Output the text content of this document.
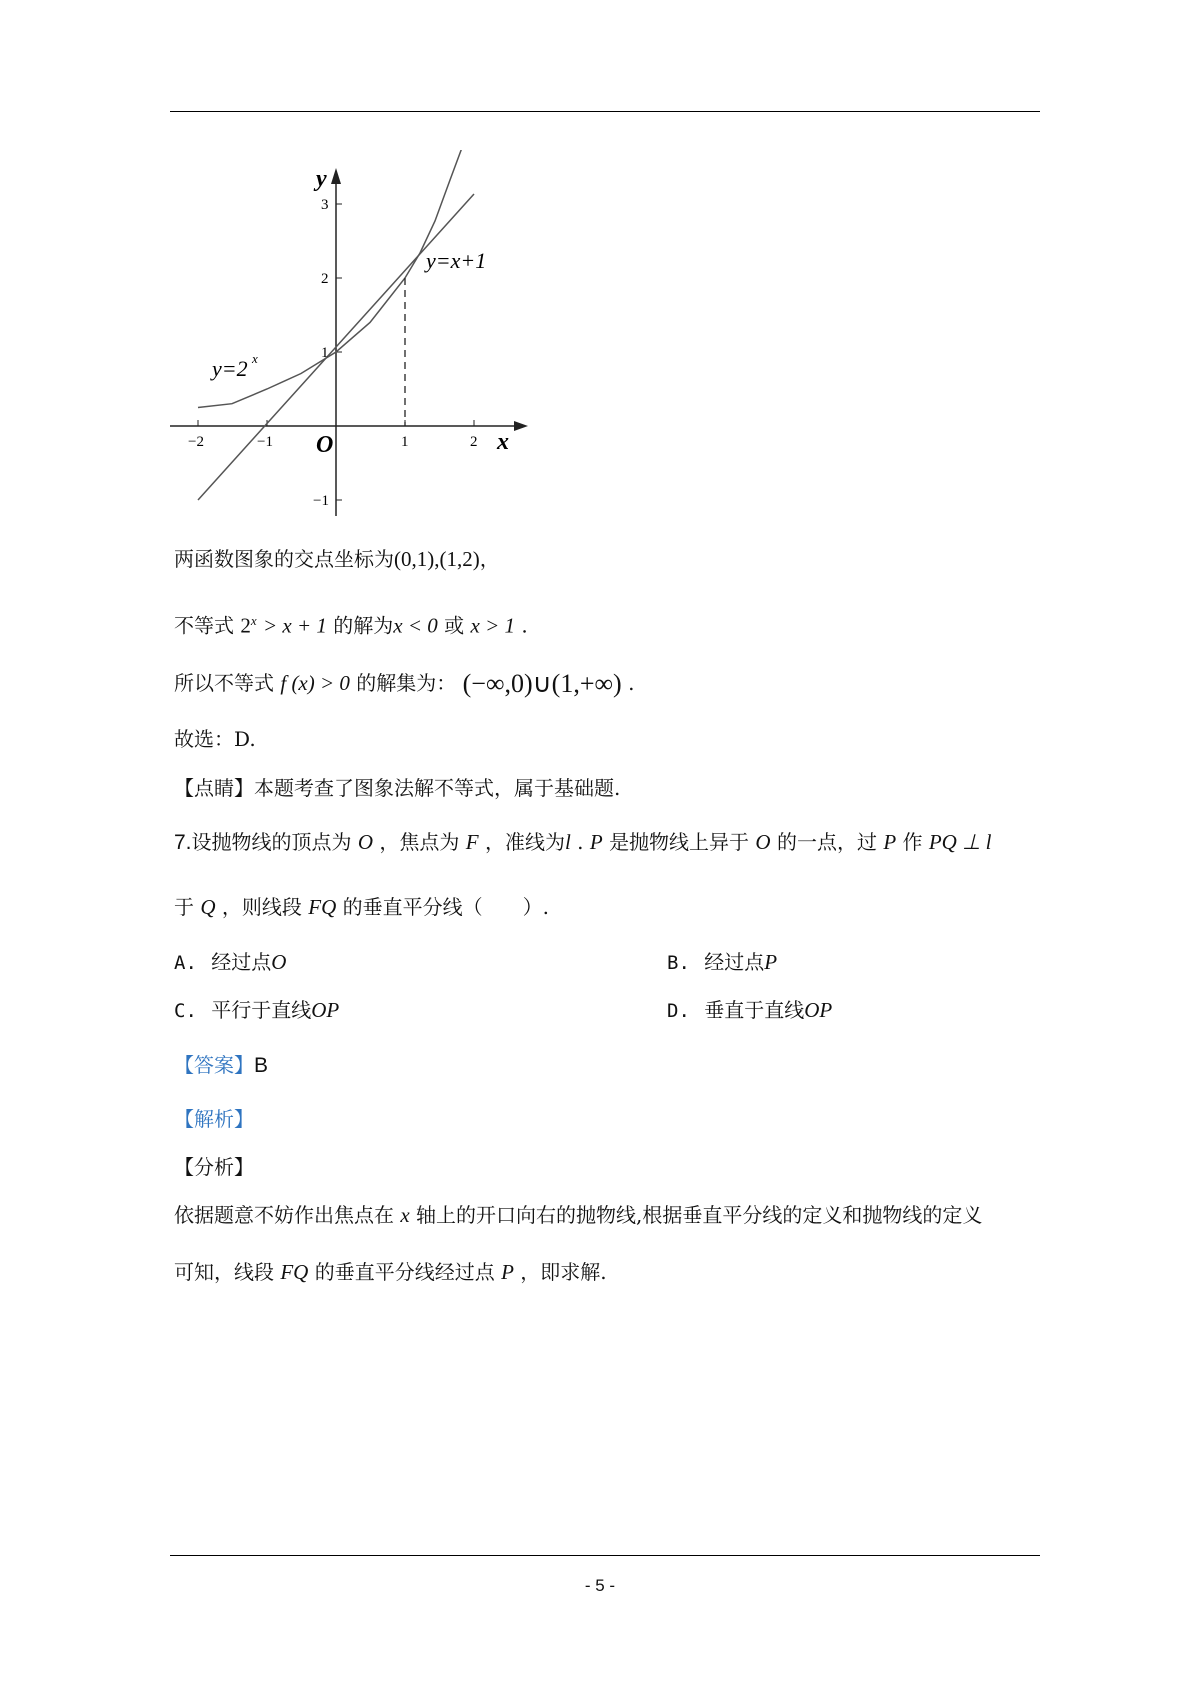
y
x
O
−2	−1	1	2
3
2
1
−1
y=2 x
y=x+1
两函数图象的交点坐标为(0,1),(1,2)，
不等式 $2^x > x + 1$ 的解为x < 0 或 x > 1 .
所以不等式 f (x) > 0 的解集为： (−∞,0)∪(1,+∞) .
故选：D.
【点睛】本题考查了图象法解不等式，属于基础题.
7.设抛物线的顶点为 O ，焦点为 F ，准线为l . P 是抛物线上异于 O 的一点，过 P 作 PQ ⊥ l
于 Q ，则线段 FQ 的垂直平分线（　　）.
A. 经过点O	B. 经过点P
C. 平行于直线OP	D. 垂直于直线OP
【答案】B
【解析】
【分析】
依据题意不妨作出焦点在 x 轴上的开口向右的抛物线,根据垂直平分线的定义和抛物线的定义
可知，线段 FQ 的垂直平分线经过点 P ，即求解.
- 5 -
